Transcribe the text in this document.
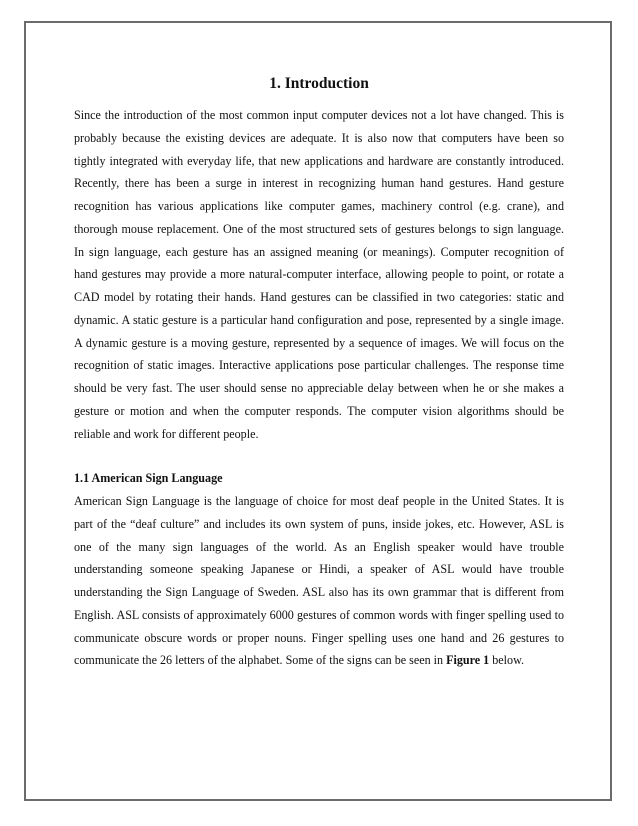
1. Introduction

Since the introduction of the most common input computer devices not a lot have changed. This is probably because the existing devices are adequate. It is also now that computers have been so tightly integrated with everyday life, that new applications and hardware are constantly introduced. Recently, there has been a surge in interest in recognizing human hand gestures. Hand gesture recognition has various applications like computer games, machinery control (e.g. crane), and thorough mouse replacement. One of the most structured sets of gestures belongs to sign language. In sign language, each gesture has an assigned meaning (or meanings). Computer recognition of hand gestures may provide a more natural-computer interface, allowing people to point, or rotate a CAD model by rotating their hands. Hand gestures can be classified in two categories: static and dynamic. A static gesture is a particular hand configuration and pose, represented by a single image. A dynamic gesture is a moving gesture, represented by a sequence of images. We will focus on the recognition of static images. Interactive applications pose particular challenges. The response time should be very fast. The user should sense no appreciable delay between when he or she makes a gesture or motion and when the computer responds. The computer vision algorithms should be reliable and work for different people.

1.1 American Sign Language

American Sign Language is the language of choice for most deaf people in the United States. It is part of the “deaf culture” and includes its own system of puns, inside jokes, etc. However, ASL is one of the many sign languages of the world. As an English speaker would have trouble understanding someone speaking Japanese or Hindi, a speaker of ASL would have trouble understanding the Sign Language of Sweden. ASL also has its own grammar that is different from English. ASL consists of approximately 6000 gestures of common words with finger spelling used to communicate obscure words or proper nouns. Finger spelling uses one hand and 26 gestures to communicate the 26 letters of the alphabet. Some of the signs can be seen in Figure 1 below.
